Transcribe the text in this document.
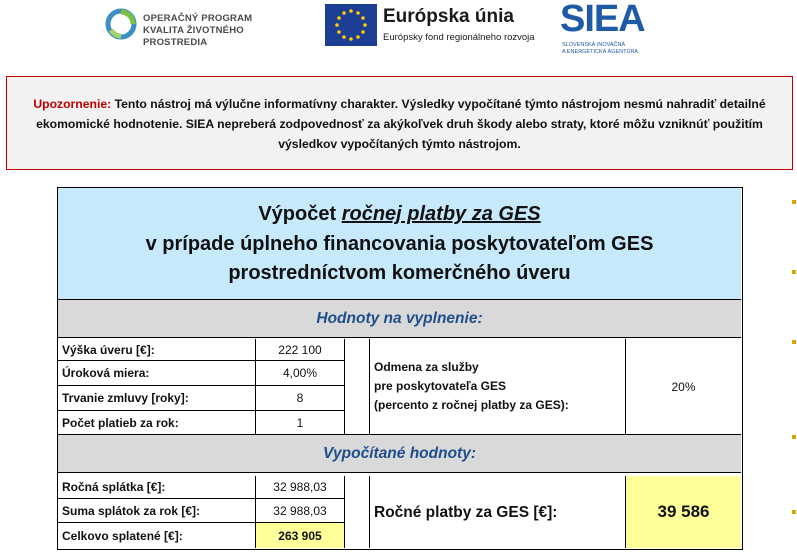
OPERAČNÝ PROGRAM
KVALITA ŽIVOTNÉHO PROSTREDIA
Európska únia
Európsky fond regionálneho rozvoja SIEA
SLOVENSKÁ INOVAČNÁ
A ENERGETICKÁ AGENTÚRA
Upozornenie: Tento nástroj má výlučne informatívny charakter. Výsledky vypočítané týmto nástrojom nesmú nahradiť detailné ekomomické hodnotenie. SIEA nepreberá zodpovednosť za akýkoľvek druh škody alebo straty, ktoré môžu vzniknúť použitím výsledkov vypočítaných týmto nástrojom.
Výpočet ročnej platby za GES
v prípade úplneho financovania poskytovateľom GES
prostredníctvom komerčného úveru
Hodnoty na vyplnenie:
Výška úveru [€]:	222 100
Úroková miera:	4,00%
Trvanie zmluvy [roky]:	8
Počet platieb za rok:	1
Odmena za služby
pre poskytovateľa GES
(percento z ročnej platby za GES):
20%
Vypočítané hodnoty:
Ročná splátka [€]:	32 988,03
Suma splátok za rok [€]:	32 988,03
Celkovo splatené [€]:	263 905
Ročné platby za GES [€]:	39 586
